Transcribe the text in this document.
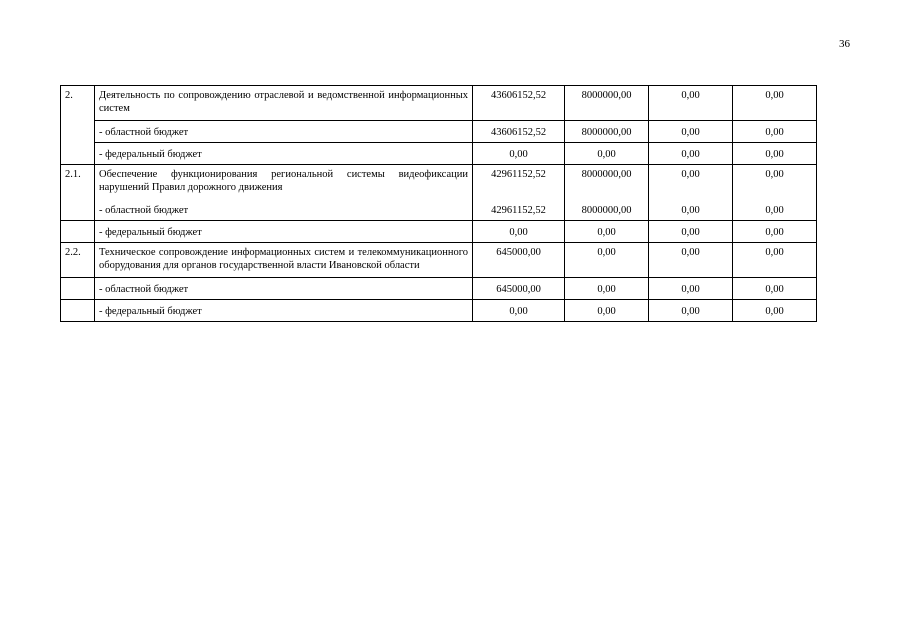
36
2.	Деятельность по сопровождению отраслевой и ведомственной информационных систем	43606152,52	8000000,00	0,00	0,00
	- областной бюджет	43606152,52	8000000,00	0,00	0,00
	- федеральный бюджет	0,00	0,00	0,00	0,00
2.1.	Обеспечение функционирования региональной системы видеофиксации нарушений Правил дорожного движения	42961152,52	8000000,00	0,00	0,00
	- областной бюджет	42961152,52	8000000,00	0,00	0,00
	- федеральный бюджет	0,00	0,00	0,00	0,00
2.2.	Техническое сопровождение информационных систем и телекоммуникационного оборудования для органов государственной власти Ивановской области	645000,00	0,00	0,00	0,00
	- областной бюджет	645000,00	0,00	0,00	0,00
	- федеральный бюджет	0,00	0,00	0,00	0,00
